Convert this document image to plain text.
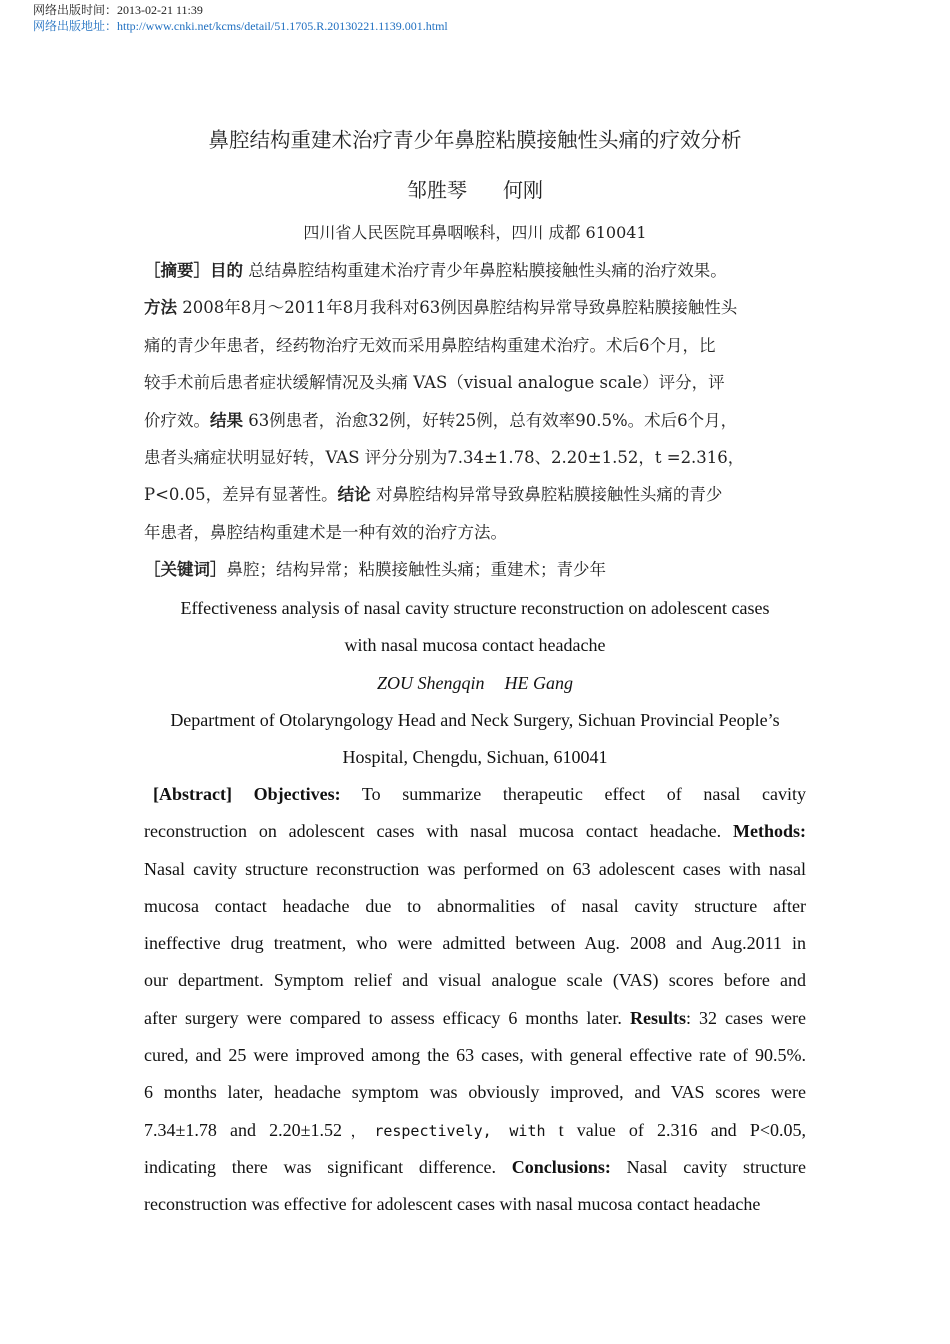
网络出版时间：2013-02-21 11:39
网络出版地址：http://www.cnki.net/kcms/detail/51.1705.R.20130221.1139.001.html
鼻腔结构重建术治疗青少年鼻腔粘膜接触性头痛的疗效分析
邹胜琴 何刚
四川省人民医院耳鼻咽喉科，四川 成都 610041
［摘要］目的 总结鼻腔结构重建术治疗青少年鼻腔粘膜接触性头痛的治疗效果。
方法 2008年8月～2011年8月我科对63例因鼻腔结构异常导致鼻腔粘膜接触性头
痛的青少年患者，经药物治疗无效而采用鼻腔结构重建术治疗。术后6个月，比
较手术前后患者症状缓解情况及头痛 VAS（visual analogue scale）评分，评
价疗效。结果 63例患者，治愈32例，好转25例，总有效率90.5%。术后6个月，
患者头痛症状明显好转，VAS 评分分别为7.34±1.78、2.20±1.52，t =2.316，
P<0.05，差异有显著性。结论 对鼻腔结构异常导致鼻腔粘膜接触性头痛的青少
年患者，鼻腔结构重建术是一种有效的治疗方法。
［关键词］鼻腔；结构异常；粘膜接触性头痛；重建术；青少年
Effectiveness analysis of nasal cavity structure reconstruction on adolescent cases
with nasal mucosa contact headache
ZOU Shengqin HE Gang
Department of Otolaryngology Head and Neck Surgery, Sichuan Provincial People’s
Hospital, Chengdu, Sichuan, 610041
[Abstract] Objectives: To summarize therapeutic effect of nasal cavity
reconstruction on adolescent cases with nasal mucosa contact headache. Methods:
Nasal cavity structure reconstruction was performed on 63 adolescent cases with nasal
mucosa contact headache due to abnormalities of nasal cavity structure after
ineffective drug treatment, who were admitted between Aug. 2008 and Aug.2011 in
our department. Symptom relief and visual analogue scale (VAS) scores before and
after surgery were compared to assess efficacy 6 months later. Results: 32 cases were
cured, and 25 were improved among the 63 cases, with general effective rate of 90.5%.
6 months later, headache symptom was obviously improved, and VAS scores were
7.34±1.78 and 2.20±1.52，respectively, with t value of 2.316 and P<0.05,
indicating there was significant difference. Conclusions: Nasal cavity structure
reconstruction was effective for adolescent cases with nasal mucosa contact headache
